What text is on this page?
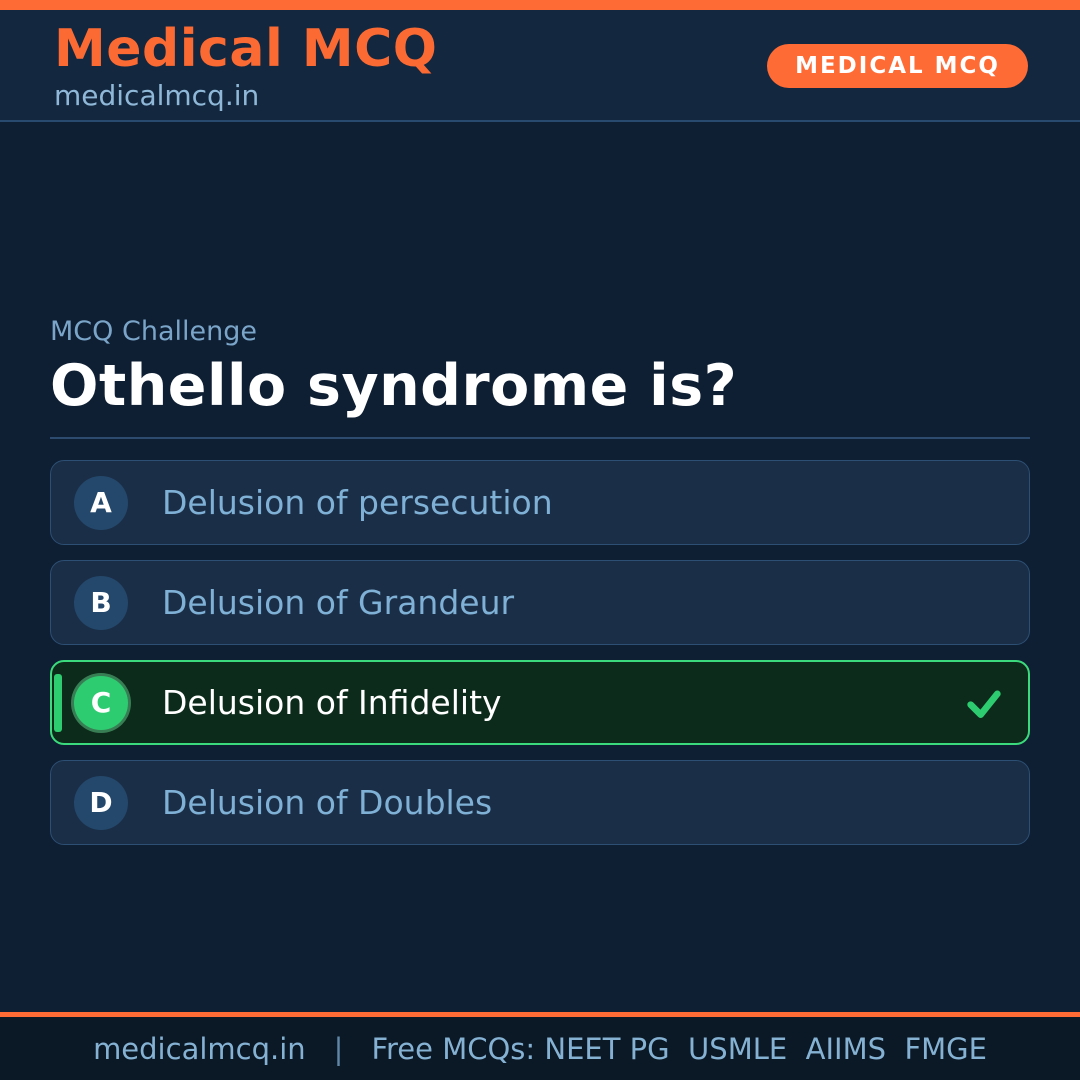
Medical MCQ
medicalmcq.in
MEDICAL MCQ
MCQ Challenge
Othello syndrome is?
A	Delusion of persecution
B	Delusion of Grandeur
C	Delusion of Infidelity
D	Delusion of Doubles
medicalmcq.in | Free MCQs: NEET PG  USMLE  AIIMS  FMGE
